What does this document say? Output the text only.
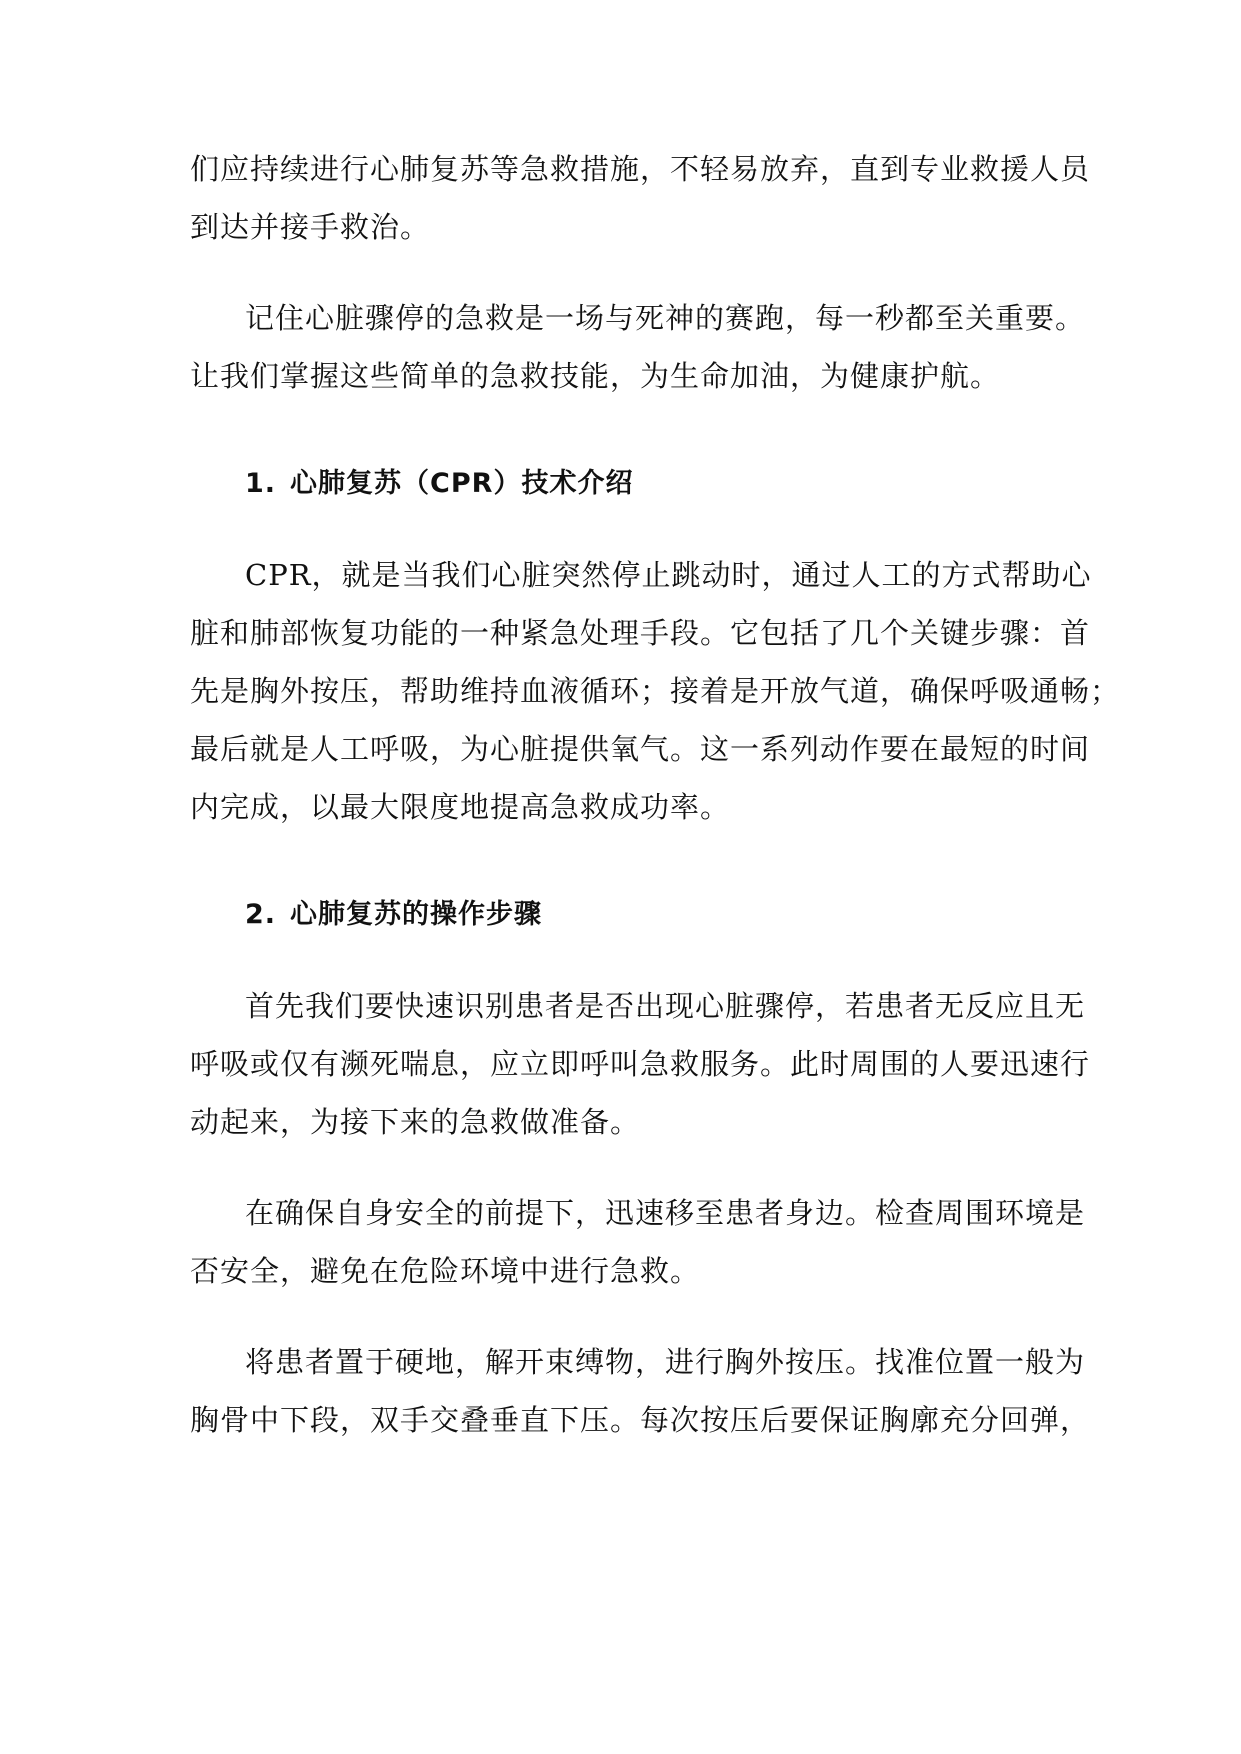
们应持续进行心肺复苏等急救措施，不轻易放弃，直到专业救援人员
到达并接手救治。
记住心脏骤停的急救是一场与死神的赛跑，每一秒都至关重要。
让我们掌握这些简单的急救技能，为生命加油，为健康护航。
1. 心肺复苏（CPR）技术介绍
CPR，就是当我们心脏突然停止跳动时，通过人工的方式帮助心
脏和肺部恢复功能的一种紧急处理手段。它包括了几个关键步骤：首
先是胸外按压，帮助维持血液循环；接着是开放气道，确保呼吸通畅；
最后就是人工呼吸，为心脏提供氧气。这一系列动作要在最短的时间
内完成，以最大限度地提高急救成功率。
2. 心肺复苏的操作步骤
首先我们要快速识别患者是否出现心脏骤停，若患者无反应且无
呼吸或仅有濒死喘息，应立即呼叫急救服务。此时周围的人要迅速行
动起来，为接下来的急救做准备。
在确保自身安全的前提下，迅速移至患者身边。检查周围环境是
否安全，避免在危险环境中进行急救。
将患者置于硬地，解开束缚物，进行胸外按压。找准位置一般为
胸骨中下段，双手交叠垂直下压。每次按压后要保证胸廓充分回弹，
